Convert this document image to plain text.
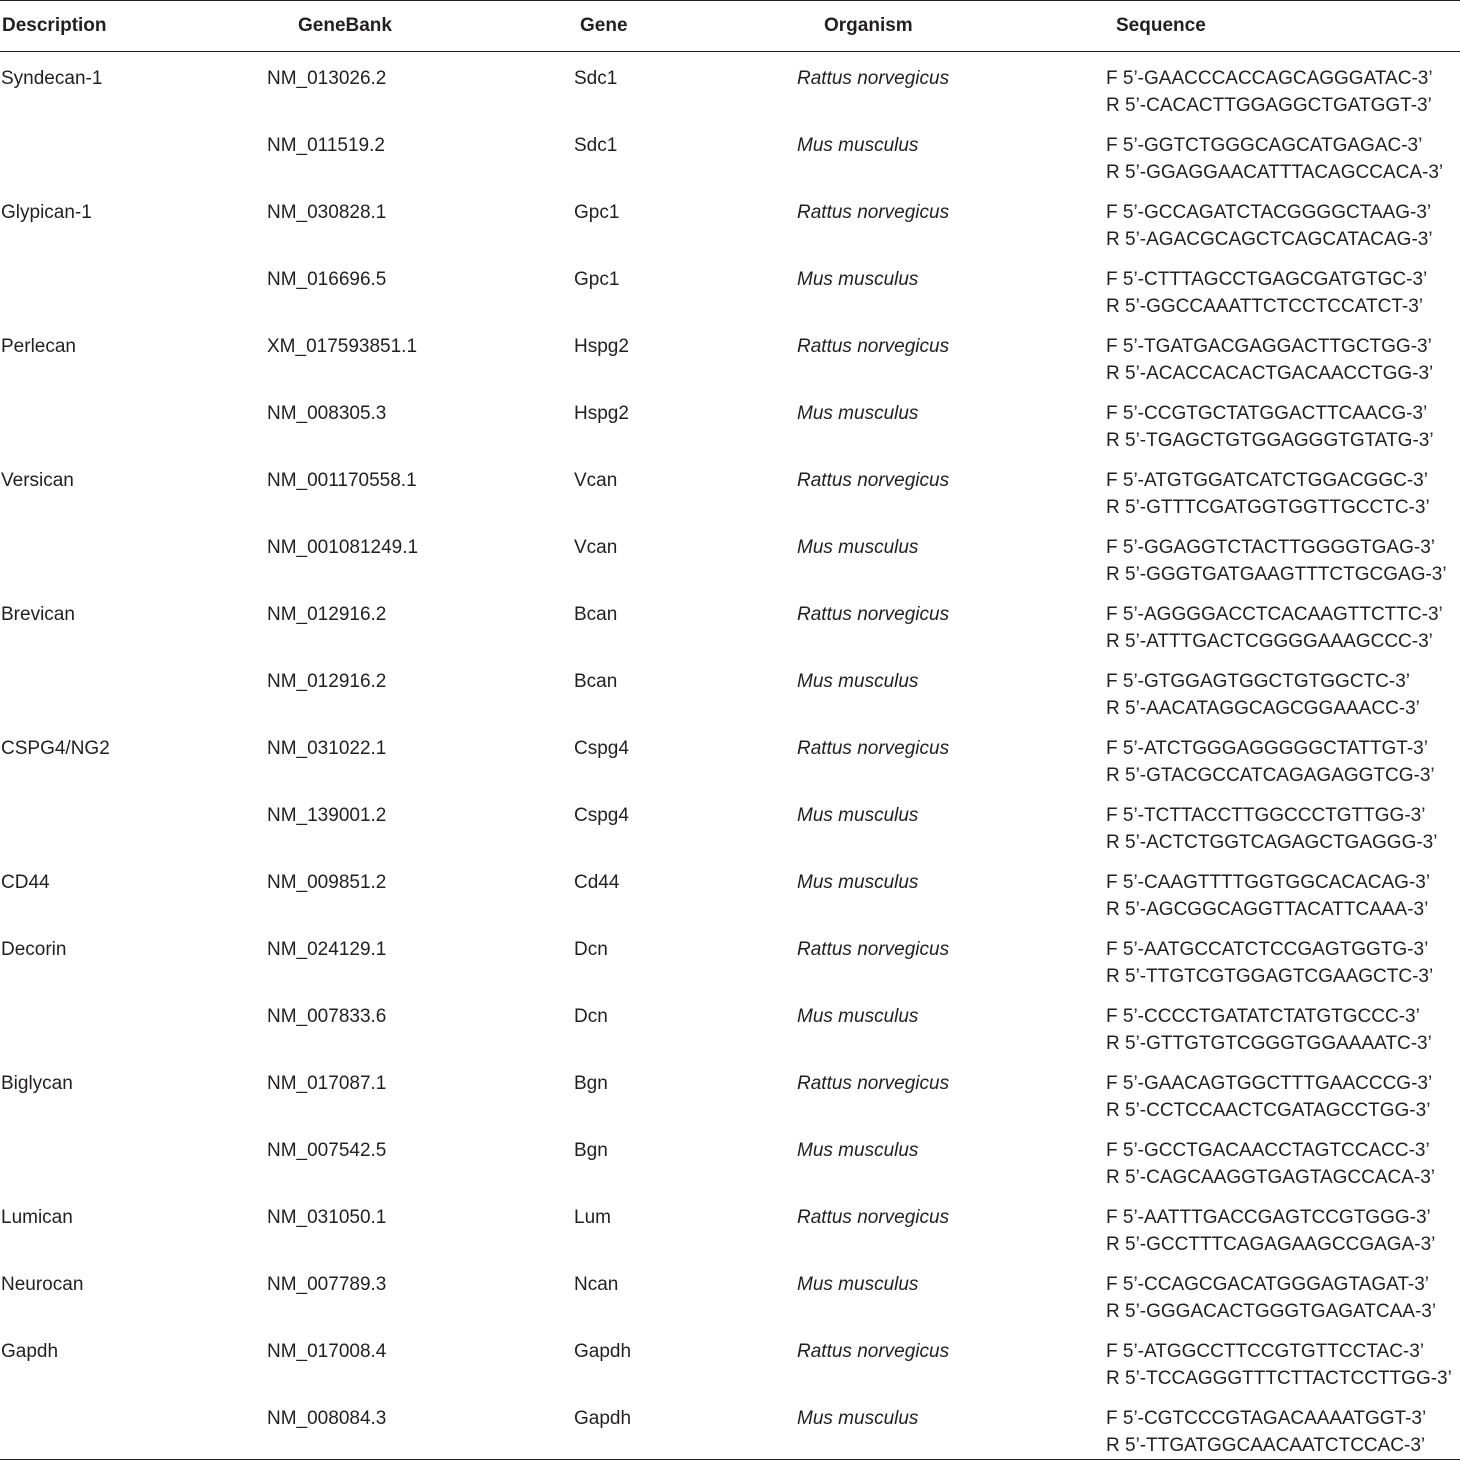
Description	GeneBank	Gene	Organism	Sequence
Syndecan-1	NM_013026.2	Sdc1	Rattus norvegicus	F 5’-GAACCCACCAGCAGGGATAC-3’
R 5’-CACACTTGGAGGCTGATGGT-3’

	NM_011519.2	Sdc1	Mus musculus	F 5’-GGTCTGGGCAGCATGAGAC-3’
R 5’-GGAGGAACATTTACAGCCACA-3’

Glypican-1	NM_030828.1	Gpc1	Rattus norvegicus	F 5’-GCCAGATCTACGGGGCTAAG-3’
R 5’-AGACGCAGCTCAGCATACAG-3’

	NM_016696.5	Gpc1	Mus musculus	F 5’-CTTTAGCCTGAGCGATGTGC-3’
R 5’-GGCCAAATTCTCCTCCATCT-3’

Perlecan	XM_017593851.1	Hspg2	Rattus norvegicus	F 5’-TGATGACGAGGACTTGCTGG-3’
R 5’-ACACCACACTGACAACCTGG-3’

	NM_008305.3	Hspg2	Mus musculus	F 5’-CCGTGCTATGGACTTCAACG-3’
R 5’-TGAGCTGTGGAGGGTGTATG-3’

Versican	NM_001170558.1	Vcan	Rattus norvegicus	F 5’-ATGTGGATCATCTGGACGGC-3’
R 5’-GTTTCGATGGTGGTTGCCTC-3’

	NM_001081249.1	Vcan	Mus musculus	F 5’-GGAGGTCTACTTGGGGTGAG-3’
R 5’-GGGTGATGAAGTTTCTGCGAG-3’

Brevican	NM_012916.2	Bcan	Rattus norvegicus	F 5’-AGGGGACCTCACAAGTTCTTC-3’
R 5’-ATTTGACTCGGGGAAAGCCC-3’

	NM_012916.2	Bcan	Mus musculus	F 5’-GTGGAGTGGCTGTGGCTC-3’
R 5’-AACATAGGCAGCGGAAACC-3’

CSPG4/NG2	NM_031022.1	Cspg4	Rattus norvegicus	F 5’-ATCTGGGAGGGGGCTATTGT-3’
R 5’-GTACGCCATCAGAGAGGTCG-3’

	NM_139001.2	Cspg4	Mus musculus	F 5’-TCTTACCTTGGCCCTGTTGG-3’
R 5’-ACTCTGGTCAGAGCTGAGGG-3’

CD44	NM_009851.2	Cd44	Mus musculus	F 5’-CAAGTTTTGGTGGCACACAG-3’
R 5’-AGCGGCAGGTTACATTCAAA-3’

Decorin	NM_024129.1	Dcn	Rattus norvegicus	F 5’-AATGCCATCTCCGAGTGGTG-3’
R 5’-TTGTCGTGGAGTCGAAGCTC-3’

	NM_007833.6	Dcn	Mus musculus	F 5’-CCCCTGATATCTATGTGCCC-3’
R 5’-GTTGTGTCGGGTGGAAAATC-3’

Biglycan	NM_017087.1	Bgn	Rattus norvegicus	F 5’-GAACAGTGGCTTTGAACCCG-3’
R 5’-CCTCCAACTCGATAGCCTGG-3’

	NM_007542.5	Bgn	Mus musculus	F 5’-GCCTGACAACCTAGTCCACC-3’
R 5’-CAGCAAGGTGAGTAGCCACA-3’

Lumican	NM_031050.1	Lum	Rattus norvegicus	F 5’-AATTTGACCGAGTCCGTGGG-3’
R 5’-GCCTTTCAGAGAAGCCGAGA-3’

Neurocan	NM_007789.3	Ncan	Mus musculus	F 5’-CCAGCGACATGGGAGTAGAT-3’
R 5’-GGGACACTGGGTGAGATCAA-3’

Gapdh	NM_017008.4	Gapdh	Rattus norvegicus	F 5’-ATGGCCTTCCGTGTTCCTAC-3’
R 5’-TCCAGGGTTTCTTACTCCTTGG-3’

	NM_008084.3	Gapdh	Mus musculus	F 5’-CGTCCCGTAGACAAAATGGT-3’
R 5’-TTGATGGCAACAATCTCCAC-3’
